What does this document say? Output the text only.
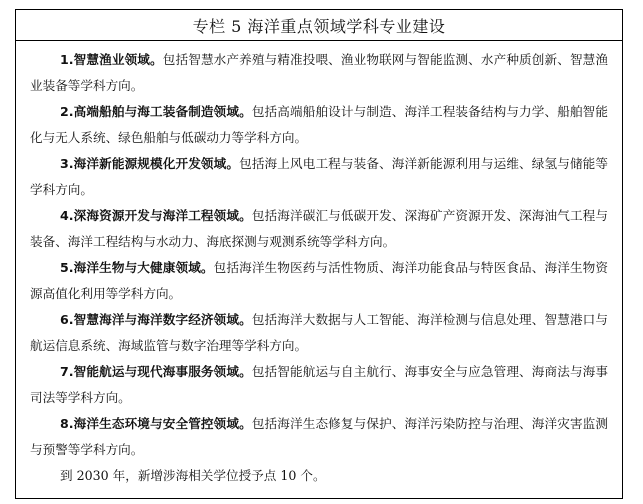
专栏 5 海洋重点领域学科专业建设

1.智慧渔业领域。包括智慧水产养殖与精准投喂、渔业物联网与智能监测、水产种质创新、智慧渔业装备等学科方向。

2.高端船舶与海工装备制造领域。包括高端船舶设计与制造、海洋工程装备结构与力学、船舶智能化与无人系统、绿色船舶与低碳动力等学科方向。

3.海洋新能源规模化开发领域。包括海上风电工程与装备、海洋新能源利用与运维、绿氢与储能等学科方向。

4.深海资源开发与海洋工程领域。包括海洋碳汇与低碳开发、深海矿产资源开发、深海油气工程与装备、海洋工程结构与水动力、海底探测与观测系统等学科方向。

5.海洋生物与大健康领域。包括海洋生物医药与活性物质、海洋功能食品与特医食品、海洋生物资源高值化利用等学科方向。

6.智慧海洋与海洋数字经济领域。包括海洋大数据与人工智能、海洋检测与信息处理、智慧港口与航运信息系统、海域监管与数字治理等学科方向。

7.智能航运与现代海事服务领域。包括智能航运与自主航行、海事安全与应急管理、海商法与海事司法等学科方向。

8.海洋生态环境与安全管控领域。包括海洋生态修复与保护、海洋污染防控与治理、海洋灾害监测与预警等学科方向。

到 2030 年，新增涉海相关学位授予点 10 个。
